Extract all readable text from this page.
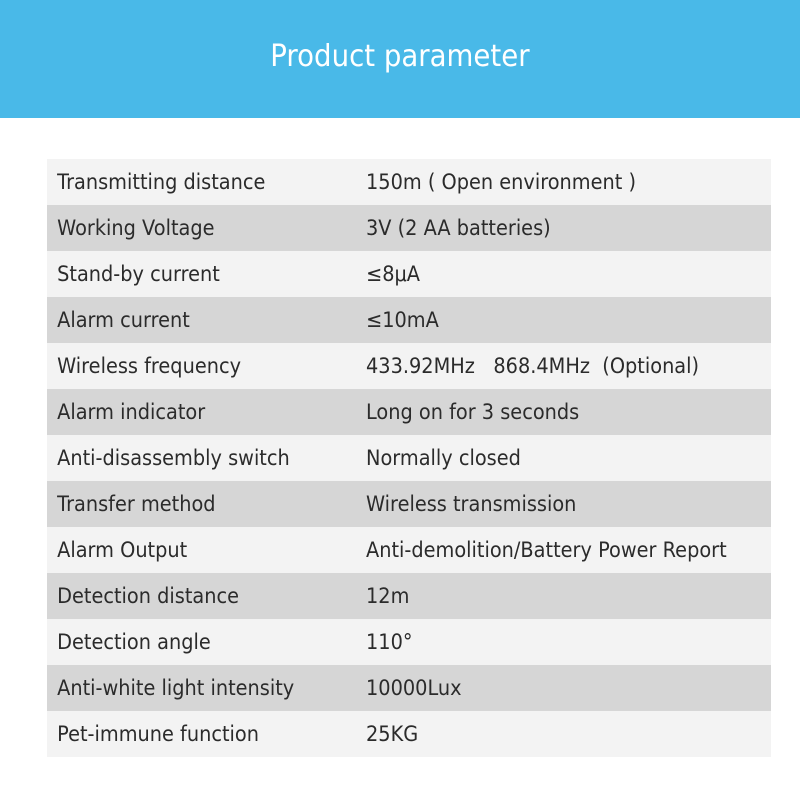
Product parameter
Transmitting distance	150m ( Open environment )
Working Voltage	3V (2 AA batteries)
Stand-by current	≤8μA
Alarm current	≤10mA
Wireless frequency	433.92MHz   868.4MHz  (Optional)
Alarm indicator	Long on for 3 seconds
Anti-disassembly switch	Normally closed
Transfer method	Wireless transmission
Alarm Output	Anti-demolition/Battery Power Report
Detection distance	12m
Detection angle	110°
Anti-white light intensity	10000Lux
Pet-immune function	25KG
